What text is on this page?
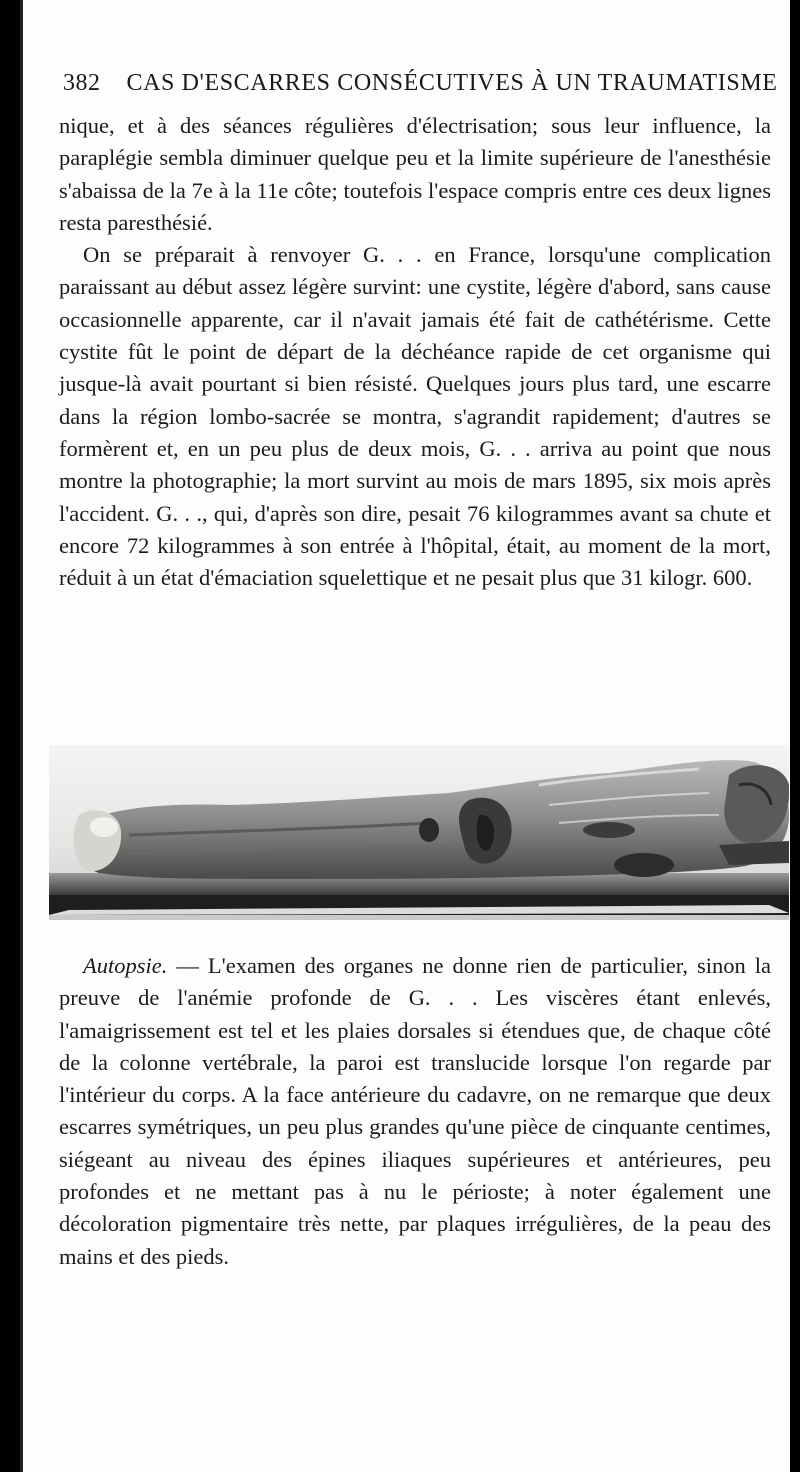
382 CAS D'ESCARRES CONSÉCUTIVES À UN TRAUMATISME

nique, et à des séances régulières d'électrisation; sous leur influence, la paraplégie sembla diminuer quelque peu et la limite supérieure de l'anesthésie s'abaissa de la 7e à la 11e côte; toutefois l'espace compris entre ces deux lignes resta paresthésié.

On se préparait à renvoyer G. . . en France, lorsqu'une complication paraissant au début assez légère survint: une cystite, légère d'abord, sans cause occasionnelle apparente, car il n'avait jamais été fait de cathétérisme. Cette cystite fût le point de départ de la déchéance rapide de cet organisme qui jusque-là avait pourtant si bien résisté. Quelques jours plus tard, une escarre dans la région lombo-sacrée se montra, s'agrandit rapidement; d'autres se formèrent et, en un peu plus de deux mois, G. . . arriva au point que nous montre la photographie; la mort survint au mois de mars 1895, six mois après l'accident. G. . ., qui, d'après son dire, pesait 76 kilogrammes avant sa chute et encore 72 kilogrammes à son entrée à l'hôpital, était, au moment de la mort, réduit à un état d'émaciation squelettique et ne pesait plus que 31 kilogr. 600.

Autopsie. — L'examen des organes ne donne rien de particulier, sinon la preuve de l'anémie profonde de G. . . Les viscères étant enlevés, l'amaigrissement est tel et les plaies dorsales si étendues que, de chaque côté de la colonne vertébrale, la paroi est translucide lorsque l'on regarde par l'intérieur du corps. A la face antérieure du cadavre, on ne remarque que deux escarres symétriques, un peu plus grandes qu'une pièce de cinquante centimes, siégeant au niveau des épines iliaques supérieures et antérieures, peu profondes et ne mettant pas à nu le périoste; à noter également une décoloration pigmentaire très nette, par plaques irrégulières, de la peau des mains et des pieds.
